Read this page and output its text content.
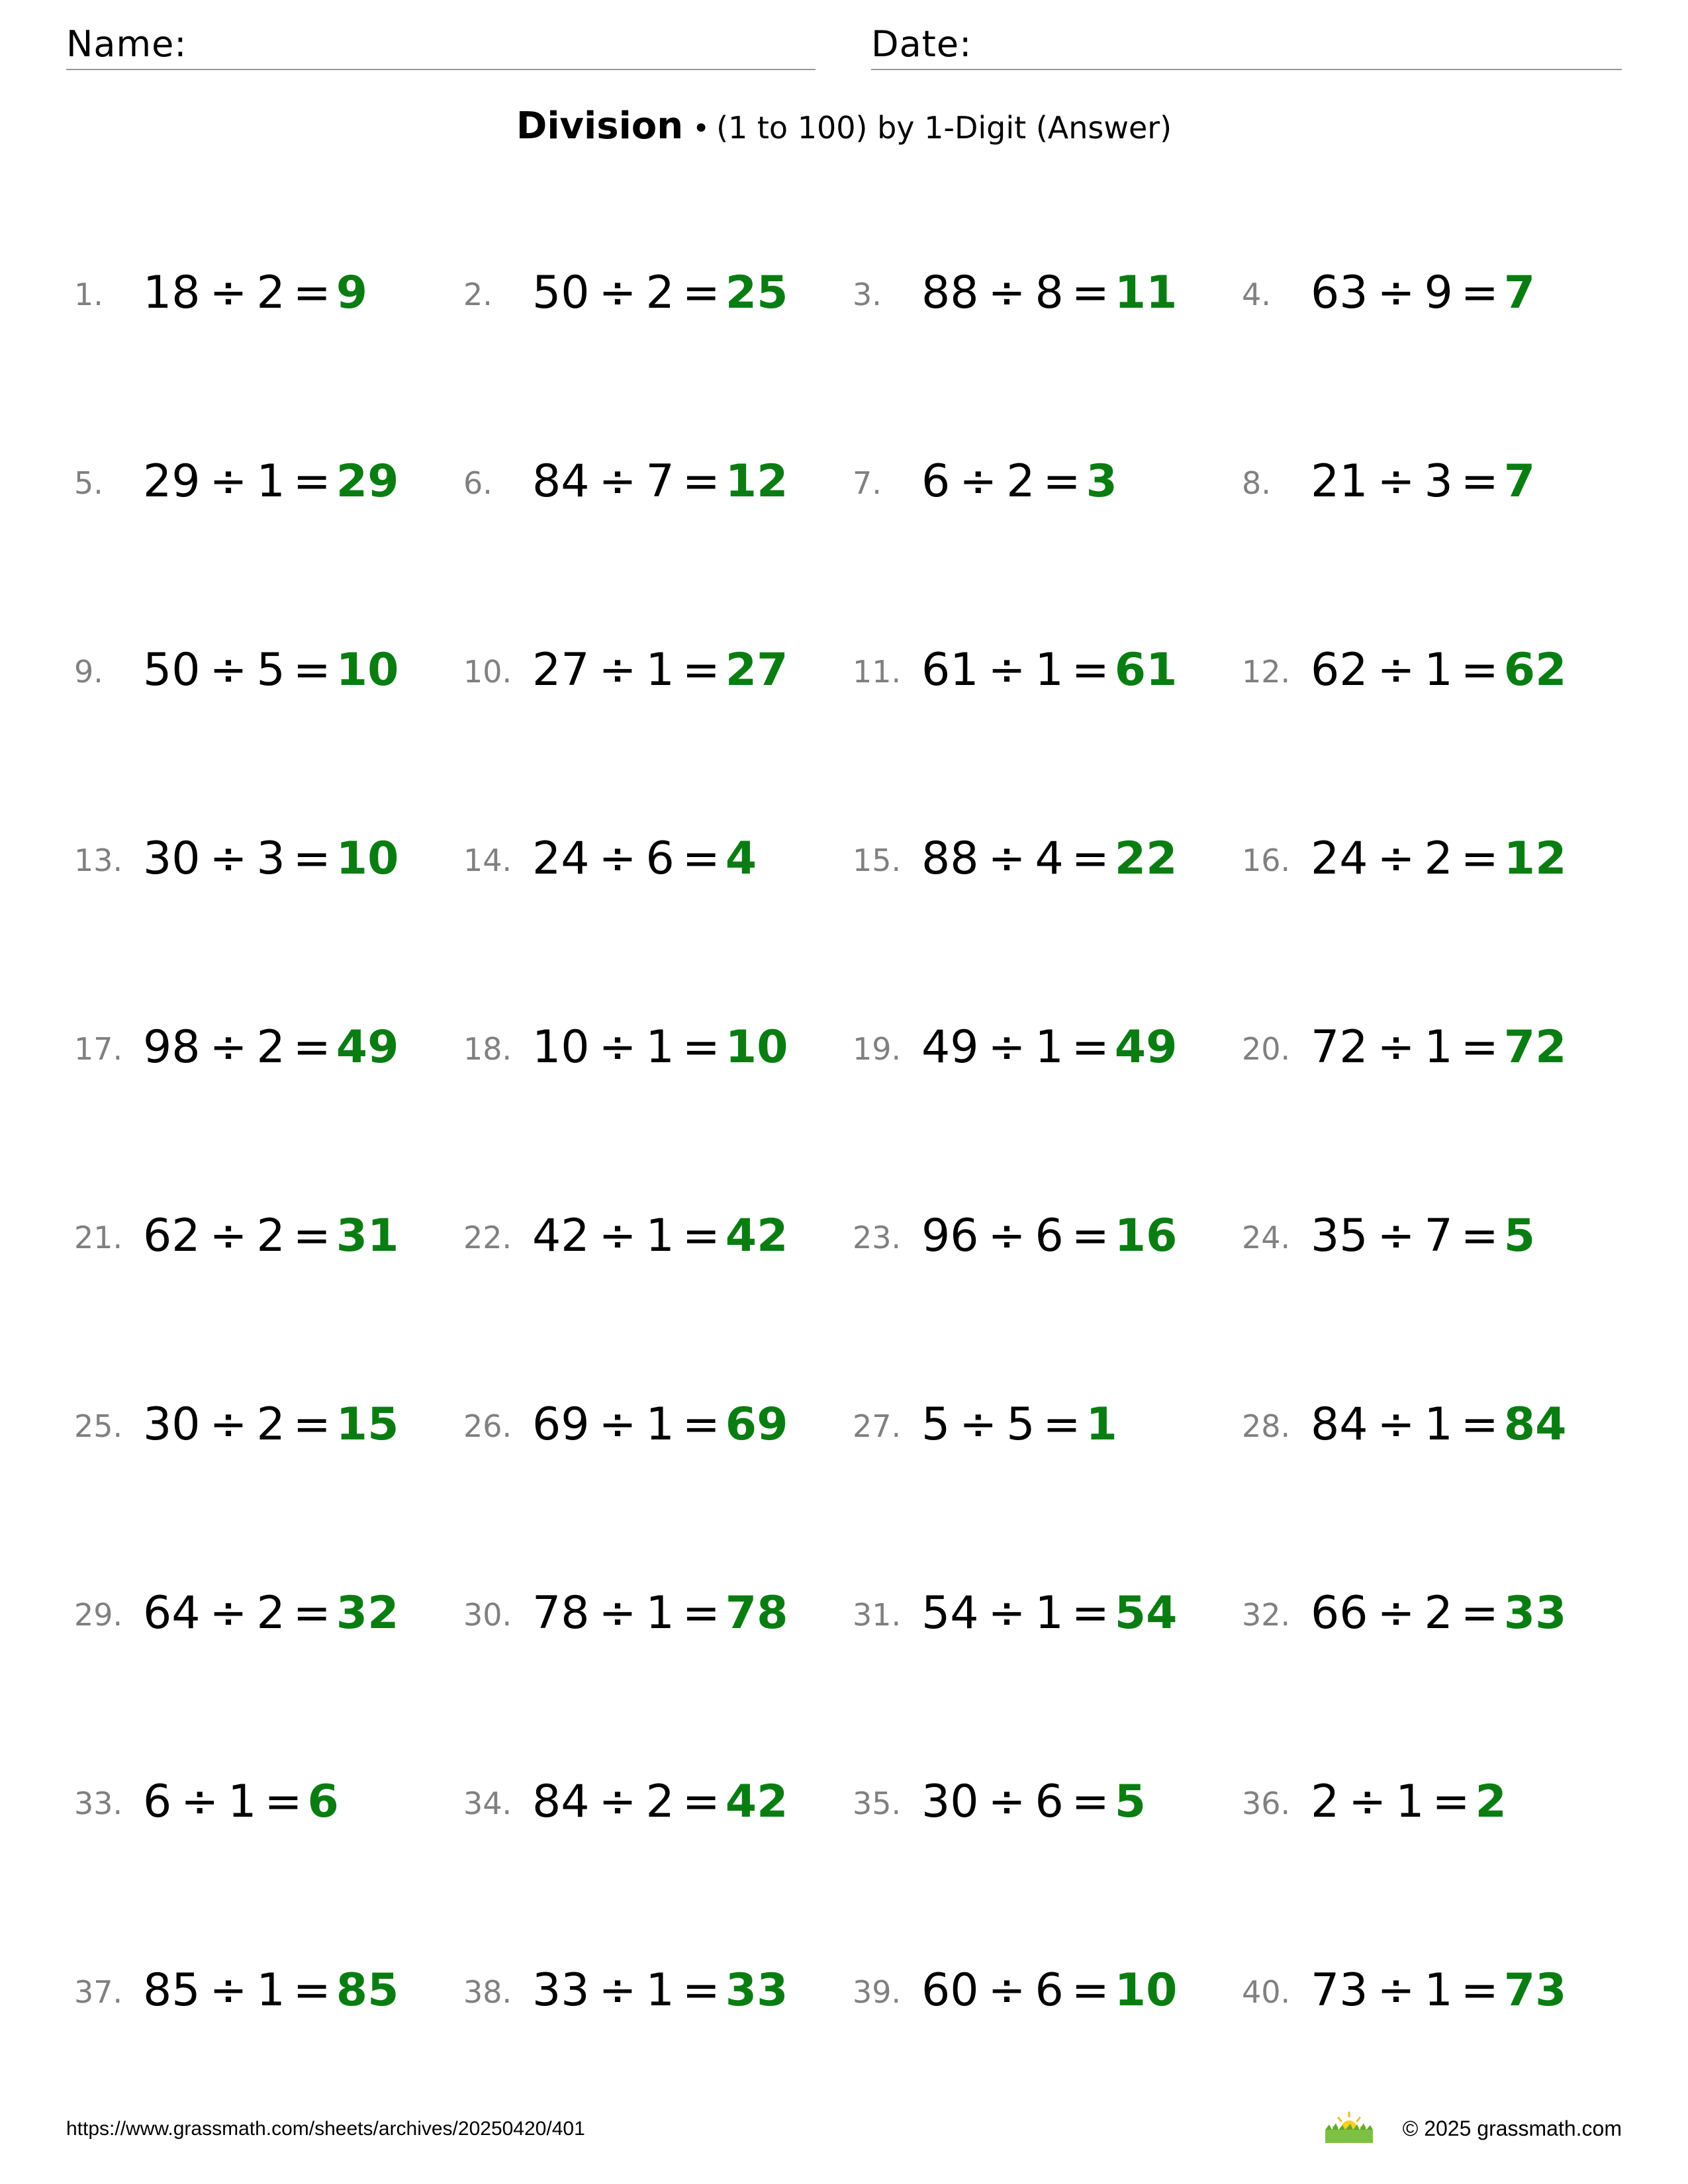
Name:	Date:
Division • (1 to 100) by 1-Digit (Answer)
1. 18 ÷ 2 = 9	2. 50 ÷ 2 = 25 3. 88 ÷ 8 = 11 4. 63 ÷ 9 = 7
5. 29 ÷ 1 = 29 6. 84 ÷ 7 = 12 7. 6 ÷ 2 = 3	8. 21 ÷ 3 = 7
9. 50 ÷ 5 = 10 10. 27 ÷ 1 = 27 11. 61 ÷ 1 = 61 12. 62 ÷ 1 = 62
13. 30 ÷ 3 = 10 14. 24 ÷ 6 = 4	15. 88 ÷ 4 = 22 16. 24 ÷ 2 = 12
17. 98 ÷ 2 = 49 18. 10 ÷ 1 = 10 19. 49 ÷ 1 = 49 20. 72 ÷ 1 = 72
21. 62 ÷ 2 = 31 22. 42 ÷ 1 = 42 23. 96 ÷ 6 = 16 24. 35 ÷ 7 = 5
25. 30 ÷ 2 = 15 26. 69 ÷ 1 = 69 27. 5 ÷ 5 = 1	28. 84 ÷ 1 = 84
29. 64 ÷ 2 = 32 30. 78 ÷ 1 = 78 31. 54 ÷ 1 = 54 32. 66 ÷ 2 = 33
33. 6 ÷ 1 = 6	34. 84 ÷ 2 = 42 35. 30 ÷ 6 = 5	36. 2 ÷ 1 = 2
37. 85 ÷ 1 = 85 38. 33 ÷ 1 = 33 39. 60 ÷ 6 = 10 40. 73 ÷ 1 = 73
https://www.grassmath.com/sheets/archives/20250420/401	© 2025 grassmath.com
